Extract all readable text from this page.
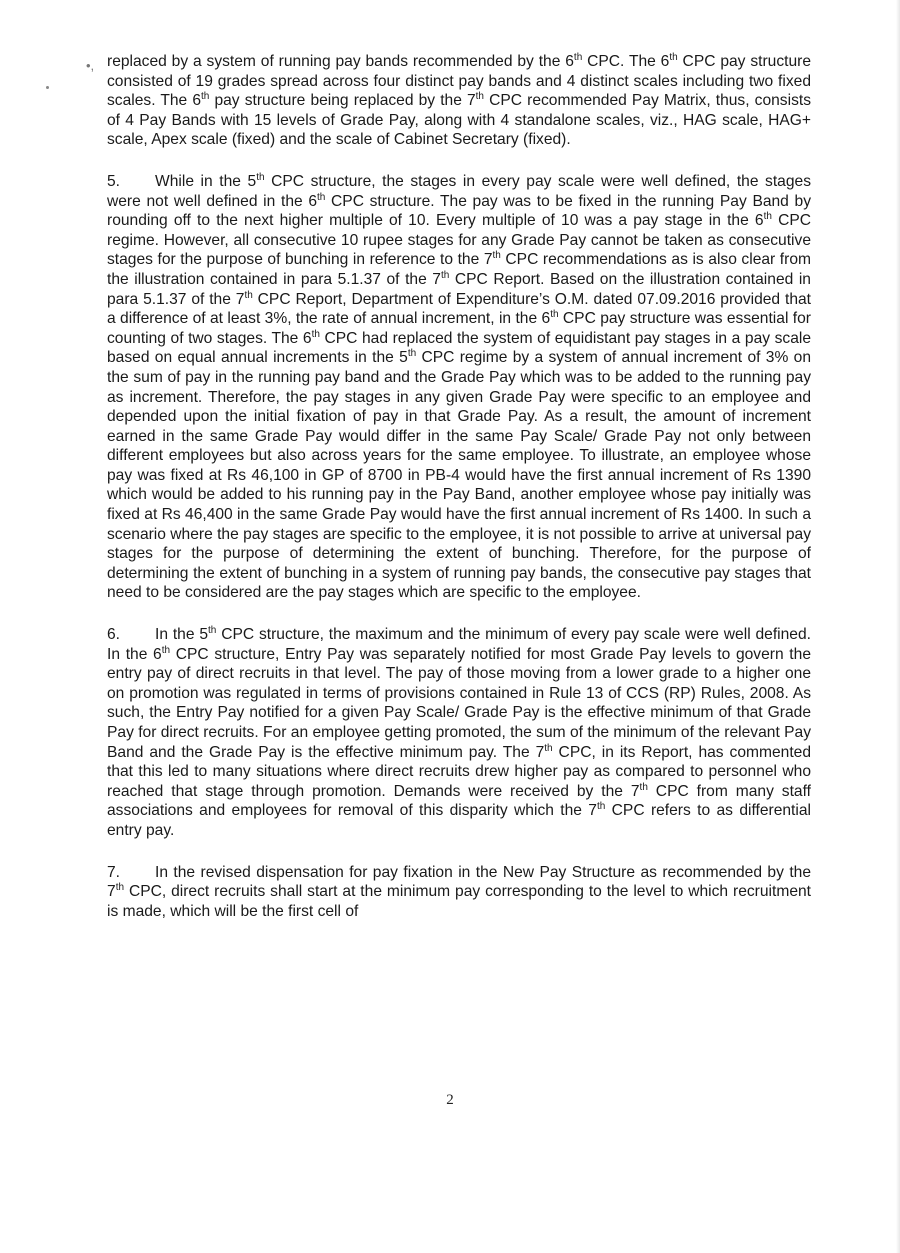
•, replaced by a system of running pay bands recommended by the 6th CPC. The 6th CPC pay structure consisted of 19 grades spread across four distinct pay bands and 4 distinct scales including two fixed scales. The 6th pay structure being replaced by the 7th CPC recommended Pay Matrix, thus, consists of 4 Pay Bands with 15 levels of Grade Pay, along with 4 standalone scales, viz., HAG scale, HAG+ scale, Apex scale (fixed) and the scale of Cabinet Secretary (fixed).

5. While in the 5th CPC structure, the stages in every pay scale were well defined, the stages were not well defined in the 6th CPC structure. The pay was to be fixed in the running Pay Band by rounding off to the next higher multiple of 10. Every multiple of 10 was a pay stage in the 6th CPC regime. However, all consecutive 10 rupee stages for any Grade Pay cannot be taken as consecutive stages for the purpose of bunching in reference to the 7th CPC recommendations as is also clear from the illustration contained in para 5.1.37 of the 7th CPC Report. Based on the illustration contained in para 5.1.37 of the 7th CPC Report, Department of Expenditure’s O.M. dated 07.09.2016 provided that a difference of at least 3%, the rate of annual increment, in the 6th CPC pay structure was essential for counting of two stages. The 6th CPC had replaced the system of equidistant pay stages in a pay scale based on equal annual increments in the 5th CPC regime by a system of annual increment of 3% on the sum of pay in the running pay band and the Grade Pay which was to be added to the running pay as increment. Therefore, the pay stages in any given Grade Pay were specific to an employee and depended upon the initial fixation of pay in that Grade Pay. As a result, the amount of increment earned in the same Grade Pay would differ in the same Pay Scale/ Grade Pay not only between different employees but also across years for the same employee. To illustrate, an employee whose pay was fixed at Rs 46,100 in GP of 8700 in PB-4 would have the first annual increment of Rs 1390 which would be added to his running pay in the Pay Band, another employee whose pay initially was fixed at Rs 46,400 in the same Grade Pay would have the first annual increment of Rs 1400. In such a scenario where the pay stages are specific to the employee, it is not possible to arrive at universal pay stages for the purpose of determining the extent of bunching. Therefore, for the purpose of determining the extent of bunching in a system of running pay bands, the consecutive pay stages that need to be considered are the pay stages which are specific to the employee.

6. In the 5th CPC structure, the maximum and the minimum of every pay scale were well defined. In the 6th CPC structure, Entry Pay was separately notified for most Grade Pay levels to govern the entry pay of direct recruits in that level. The pay of those moving from a lower grade to a higher one on promotion was regulated in terms of provisions contained in Rule 13 of CCS (RP) Rules, 2008. As such, the Entry Pay notified for a given Pay Scale/ Grade Pay is the effective minimum of that Grade Pay for direct recruits. For an employee getting promoted, the sum of the minimum of the relevant Pay Band and the Grade Pay is the effective minimum pay. The 7th CPC, in its Report, has commented that this led to many situations where direct recruits drew higher pay as compared to personnel who reached that stage through promotion. Demands were received by the 7th CPC from many staff associations and employees for removal of this disparity which the 7th CPC refers to as differential entry pay.

7. In the revised dispensation for pay fixation in the New Pay Structure as recommended by the 7th CPC, direct recruits shall start at the minimum pay corresponding to the level to which recruitment is made, which will be the first cell of

2
